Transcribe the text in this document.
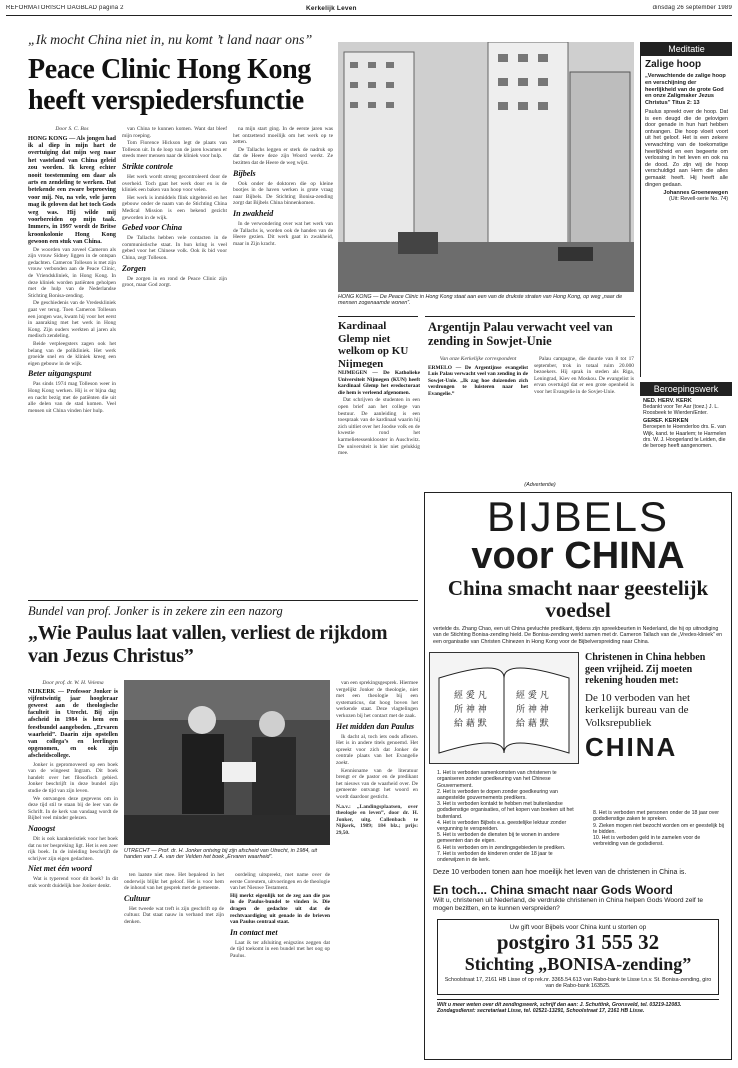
REFORMATORISCH DAGBLAD pagina 2	Kerkelijk Leven	dinsdag 26 september 1989
„Ik mocht China niet in, nu komt ’t land naar ons”
Peace Clinic Hong Kong heeft verspiedersfunctie
Door S. C. Bos

HONG KONG — Als jongen had ik al diep in mijn hart de overtuiging dat mijn weg naar het vasteland van China geleid zou worden. Ik kreeg echter nooit toestemming om daar als arts en zendeling te werken. Dat betekende een zware beproeving voor mij. Nu, na vele, vele jaren mag ik geloven dat het toch Gods weg was. Hij wilde mij voorbereiden op mijn taak. Immers, in 1997 wordt de Britse kroonkolonie Hong Kong gewoon een stuk van China.

De woorden van zoveel Cameron als zijn vrouw Sidney liggen in de ontspan gedachten. Cameron Tolleson is met zijn vrouw verbonden aan de Peace Clinic, de Vriendskliniek, in Hong Kong. In deze kliniek worden patiënten geholpen met de hulp van de Nederlandse Stichting Bonisa-zending.

De geschiedenis van de Vredeskliniek gaat ver terug. Toen Cameron Tolleson een jongen was, kwam hij voor het eerst in aanraking met het werk in Hong Kong. Zijn ouders werkten al jaren als medisch zendeling.

Beide verpleegsters zagen ook het belang van de polikliniek. Het werk groeide snel en de kliniek kreeg een eigen gebouw in de wijk.

Beter uitgangspunt

Pas sinds 1974 mag Tolleson weer in Hong Kong werken. Hij is er bijna dag en nacht bezig met de patiënten die uit alle delen van de stad komen. Veel mensen uit China vinden hier hulp.

van China te kunnen komen. Want dat bleef mijn roeping.

Tom Florence Hickson legt de plaats van Tolleson uit. In de loop van de jaren kwamen er steeds meer mensen naar de kliniek voor hulp.

Strikte controle

Het werk wordt streng gecontroleerd door de overheid. Toch gaat het werk door en is de kliniek een baken van hoop voor velen.

Het werk is inmiddels flink uitgebreid en het gebouw onder de naam van de Stichting China Medical Mission is een bekend gezicht geworden in de wijk.

Gebed voor China

De Tallachs hebben vele contacten in de communistische staat. In hun kring is veel gebed voor het Chinese volk. Ook ik bid voor China, zegt Tolleson.

Zorgen

De zorgen in en rond de Peace Clinic zijn groot, maar God zorgt.

na mijn start ging. In de eerste jaren was het ontzettend moeilijk om het werk op te zetten.

De Tallachs leggen er sterk de nadruk op dat de Heere deze zijn Woord werkt. Ze bezitten dat de Heere de weg wijst.

Bijbels

Ook onder de doktoren die op kleine bootjes in de haven werken is grote vraag naar Bijbels. De Stichting Bonisa-zending zorgt dat Bijbels China binnenkomen.

In zwakheid

In de verwondering over wat het werk van de Tallachs is, worden ook de handen van de Heere gezien. Dit werk gaat in zwakheid, maar in Zijn kracht.

HONG KONG — De Peace Clinic in Hong Kong staat aan een van de drukste straten van Hong Kong, op weg „naar de mensen zogenaamde wonen”.
Meditatie
Zalige hoop
„Verwachtende de zalige hoop en verschijning der heerlijkheid van de grote God en onze Zaligmaker Jezus Christus” Titus 2: 13
Paulus spreekt over de hoop. Dat is een deugd die de gelovigen door genade in hun hart hebben ontvangen. Die hoop vloeit voort uit het geloof. Het is een zekere verwachting van de toekomstige heerlijkheid en een begeerte om verlossing in het leven en ook na de dood. Zo zijn wij de hoop verschuldigd aan Hem die alles gemaakt heeft. Hij heeft alle dingen gedaan.
Johannes Groenewegen
(Uit: Revell-serie No. 74)
Beroepingswerk
NED. HERV. KERK
Bedankt voor Ter Aar (toez.) J. L. Roosbeek te Wierden/Enter.
GEREF. KERKEN
Beroepen te Hoenderloo drs. E. van Wijk, kand. te Haarlem; te Harmelen drs. W. J. Hoogerland te Leiden, die de beroep heeft aangenomen.
Kardinaal Glemp niet welkom op KU Nijmegen

NIJMEGEN — De Katholieke Universiteit Nijmegen (KUN) heeft kardinaal Glemp het eredoctoraat die hem is verleend afgenomen.

Dat schrijven de studenten in een open brief aan het college van bestuur. De aanleiding is een toespraak van de kardinaal waarin hij zich uitliet over het Joodse volk en de kwestie rond het karmelietessenklooster in Auschwitz. De universiteit is hier niet gelukkig mee.

Argentijn Palau verwacht veel van zending in Sowjet-Unie
Van onze Kerkelijke correspondent

ERMELO — De Argentijnse evangelist Luis Palau verwacht veel van zending in de Sowjet-Unie. „Ik zag hoe duizenden zich verdrongen te luisteren naar het Evangelie.”

Palau campagne, die duurde van 8 tot 17 september, trok in totaal ruim 20.000 bezoekers. Hij sprak in steden als Riga, Leningrad, Kiev en Moskou. De evangelist is ervan overtuigd dat er een grote openheid is voor het Evangelie in de Sovjet-Unie.

(Advertentie)
BIJBELS
voor CHINA
China smacht naar geestelijk voedsel
vertelde ds. Zhang Chao, een uit China gevluchte predikant, tijdens zijn spreekbeurten in Nederland, die hij op uitnodiging van de Stichting Bonisa-zending hield. De Bonisa-zending werkt samen met dr. Cameron Tallach van de „Vredes-kliniek” en een organisatie van Christen Chinezen in Hong Kong voor de Bijbelverspreiding naar China.
經 愛 凡
所 神 神
給 藉 默
經 愛 凡
所 神 神
給 藉 默
Christenen in China hebben geen vrijheid. Zij moeten rekening houden met:
De 10 verboden van het kerkelijk bureau van de Volksrepubliek
CHINA
1. Het is verboden samenkomsten van christenen te organiseren zonder goedkeuring van het Chinese Gouvernement.
2. Het is verboden te dopen zonder goedkeuring van aangestelde gouvernements predikers.
3. Het is verboden kontakt te hebben met buitenlandse godsdienstige organisaties, of het kopen van boeken uit het buitenland.
4. Het is verboden Bijbels e.a. geestelijke lektuur zonder vergunning te verspreiden.
5. Het is verboden de diensten bij te wonen in andere gemeenten dan de eigen.
6. Het is verboden om in zendingsgebieden te prediken.
7. Het is verboden de kinderen onder de 18 jaar te onderwijzen in de kerk.
8. Het is verboden met personen onder de 18 jaar over godsdienstige zaken te spreken.
9. Zieken mogen niet bezocht worden om er geestelijk bij te bidden.
10. Het is verboden geld in te zamelen voor de verbreiding van de godsdienst.
Deze 10 verboden tonen aan hoe moeilijk het leven van de christenen in China is.
En toch... China smacht naar Gods Woord
Wilt u, christenen uit Nederland, de verdrukte christenen in China helpen Gods Woord zelf te mogen bezitten, en te kunnen verspreiden?
Uw gift voor Bijbels voor China kunt u storten op
postgiro 31 555 32
Stichting „BONISA-zending”
Schoolstraat 17, 2161 HB Lisse of op rek.nr. 3365.54.613 van Rabo-bank te Lisse t.n.v. St. Bonisa-zending, giro van de Rabo-bank 163525.
Wilt u meer weten over dit zendingswerk, schrijf dan aan: J. Schuttink, Gronsveld, tel. 03219-12083. Zondagsdienst: secretariaat Lisse, tel. 02521-13291, Schoolstraat 17, 2161 HB Lisse.
Bundel van prof. Jonker is in zekere zin een nazorg
„Wie Paulus laat vallen, verliest de rijkdom van Jezus Christus”
Door prof. dr. W. H. Velema

NIJKERK — Professor Jonker is vijfentwintig jaar hoogleraar geweest aan de theologische faculteit in Utrecht. Bij zijn afscheid in 1984 is hem een feestbundel aangeboden. „Ervaren waarheid”. Daarin zijn opstellen van collega’s en leerlingen opgenomen, en ook zijn afscheidscollege.

Jonker is gepromoveerd op een boek van de wingeest Ingram. Dit boek handelt over het filosofisch gebied. Jonker beschrijft in deze bundel zijn studie de tijd van zijn leven.

We ontvangen deze gegevens om in deze tijd stil te staan bij de leer van de Schrift. In de kerk van vandaag wordt de Bijbel veel minder gelezen.

Naoogst

Dit is ook karakteristiek voor het boek dat nu ter bespreking ligt. Het is een zeer rijk boek. In de inleiding beschrijft de schrijver zijn eigen gedachten.

Niet met één woord

Wat is typerend voor dit boek? In dit stuk wordt duidelijk hoe Jonker denkt.

UTRECHT — Prof. dr. H. Jonker ontving bij zijn afscheid van Utrecht, in 1984, uit handen van J. A. van der Velden het boek „Ervaren waarheid”.

ten laatste niet mee. Het bepalend in het onderwijs blijkt het geloof. Het is voor hem de inhoud van het gesprek met de gemeente.

Cultuur

Het tweede wat treft is zijn geschrift op de cultuur. Dat staat nauw in verband met zijn denken.

oordeling uitspreekt, met name over de eerste Coreutem, uitvoeringen en de theologie van het Nieuwe Testament.

Hij merkt eigenlijk tot de zeg aan die pas in de Paulus-bundel te vinden is. Die dragen de gedachte uit dat de rechtvaardiging uit genade in de brieven van Paulus centraal staat.

In contact met

Laat ik ter afsluiting enigszins zeggen dat de tijd toekomt in een bundel met het oog op Paulus.

van een sprekingsgesprek. Hiermee vergelijkt Jonker de theologie, niet met een theologie bij een systematicus, dat hoog boven het werkende staat. Deze vlagtelingen verkozen bij het contact met de zaak.

Het midden dan Paulus

Ik dacht al, toch iets ouds aflezen. Het is in andere titels genoemd. Het spreekt voor zich dat Jonker de centrale plaats van het Evangelie zoekt.

Kennisname van de literatuur brengt er de pastor en de predikant het nieuws van de waarheid over. De gemeente ontvangt het woord en wordt daardoor gesticht.

N.a.v.: „Landingsplaatsen, over theologie en leven”, door dr. H. Jonker, uitg. Callenbach te Nijkerk, 1989; 184 blz.; prijs: 29,50.
